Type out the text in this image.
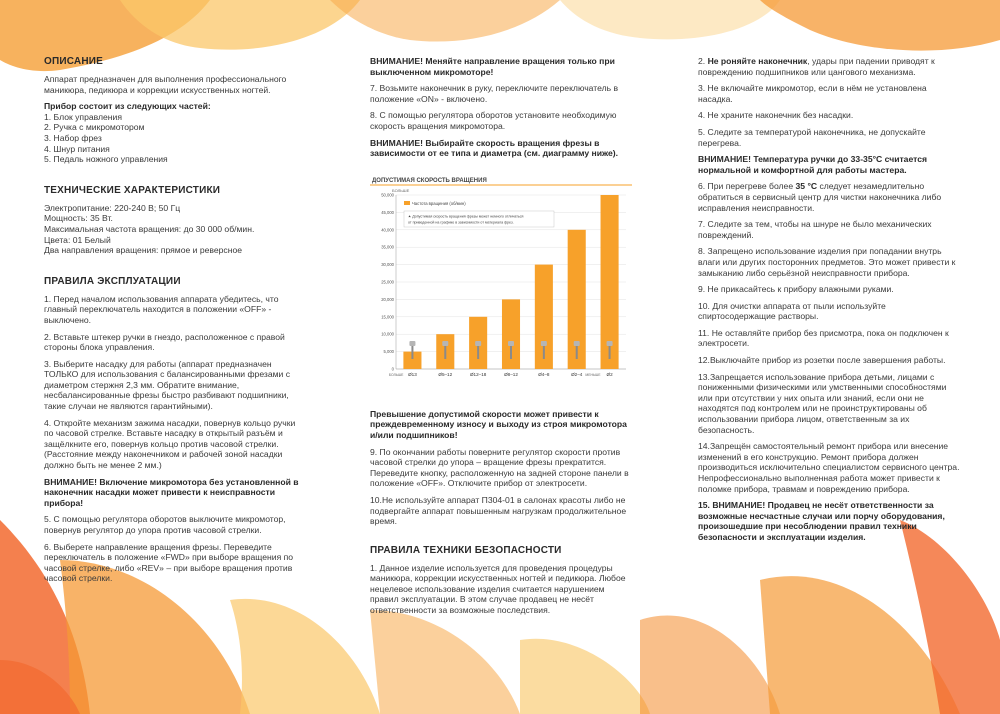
ОПИСАНИЕ

Аппарат предназначен для выполнения профессионального маникюра, педикюра и коррекции искусственных ногтей.

Прибор состоит из следующих частей:

1. Блок управления
2. Ручка с микромотором
3. Набор фрез
4. Шнур питания
5. Педаль ножного управления
ТЕХНИЧЕСКИЕ ХАРАКТЕРИСТИКИ
Электропитание: 220-240 В; 50 Гц
Мощность: 35 Вт.
Максимальная частота вращения: до 30 000 об/мин.
Цвета: 01 Белый
Два направления вращения: прямое и реверсное
ПРАВИЛА ЭКСПЛУАТАЦИИ

1. Перед началом использования аппарата убедитесь, что главный переключатель находится в положении «OFF» - выключено.

2. Вставьте штекер ручки в гнездо, расположенное с правой стороны блока управления.

3. Выберите насадку для работы (аппарат предназначен ТОЛЬКО для использования с балансированными фрезами с диаметром стержня 2,3 мм. Обратите внимание, несбалансированные фрезы быстро разбивают подшипники, такие случаи не являются гарантийными).

4. Откройте механизм зажима насадки, повернув кольцо ручки по часовой стрелке. Вставьте насадку в открытый разъём и защёлкните его, повернув кольцо против часовой стрелки. (Расстояние между наконечником и рабочей зоной насадки должно быть не менее 2 мм.)

ВНИМАНИЕ! Включение микромотора без установленной в наконечник насадки может привести к неисправности прибора!

5. С помощью регулятора оборотов выключите микромотор, повернув регулятор до упора против часовой стрелки.

6. Выберете направление вращения фрезы. Переведите переключатель в положение «FWD» при выборе вращения по часовой стрелке, либо «REV» – при выборе вращения против часовой стрелки.

ВНИМАНИЕ! Меняйте направление вращения только при выключенном микромоторе!

7. Возьмите наконечник в руку, переключите переключатель в положение «ON» - включено.

8. С помощью регулятора оборотов установите необходимую скорость вращения микромотора.

ВНИМАНИЕ! Выбирайте скорость вращения фрезы в зависимости от ее типа и диаметра (см. диаграмму ниже).

ДОПУСТИМАЯ СКОРОСТЬ ВРАЩЕНИЯ
БОЛЬШЕ
0
5,000
10,000
15,000
20,000
25,000
30,000
35,000
40,000
45,000
50,000
Ø13
БОЛЬШЕ	Ø5–12	Ø12–18	Ø8–12	Ø4–8	Ø2–4	Ø2
МЕНЬШЕ
Частота вращения (об/мин)
★ Допустимая скорость вращения фрезы может немного отличаться
от приведенной на графике в зависимости от материала фрез.

Превышение допустимой скорости может привести к преждевременному износу и выходу из строя микромотора и/или подшипников!

9. По окончании работы поверните регулятор скорости против часовой стрелки до упора – вращение фрезы прекратится. Переведите кнопку, расположенную на задней стороне панели в положение «OFF». Отключите прибор от электросети.

10.Не используйте аппарат П304-01 в салонах красоты либо не подвергайте аппарат повышенным нагрузкам продолжительное время.

ПРАВИЛА ТЕХНИКИ БЕЗОПАСНОСТИ

1. Данное изделие используется для проведения процедуры маникюра, коррекции искусственных ногтей и педикюра. Любое нецелевое использование изделия считается нарушением правил эксплуатации. В этом случае продавец не несёт ответственности за возможные последствия.

2. Не роняйте наконечник, удары при падении приводят к повреждению подшипников или цангового механизма.

3. Не включайте микромотор, если в нём не установлена насадка.

4. Не храните наконечник без насадки.

5. Следите за температурой наконечника, не допускайте перегрева.

ВНИМАНИЕ! Температура ручки до 33-35°С считается нормальной и комфортной для работы мастера.

6. При перегреве более 35 °С следует незамедлительно обратиться в сервисный центр для чистки наконечника либо исправления неисправности.

7. Следите за тем, чтобы на шнуре не было механических повреждений.

8. Запрещено использование изделия при попадании внутрь влаги или других посторонних предметов. Это может привести к замыканию либо серьёзной неисправности прибора.

9. Не прикасайтесь к прибору влажными руками.

10. Для очистки аппарата от пыли используйте спиртосодержащие растворы.

11. Не оставляйте прибор без присмотра, пока он подключен к электросети.

12.Выключайте прибор из розетки после завершения работы.

13.Запрещается использование прибора детьми, лицами с пониженными физическими или умственными способностями или при отсутствии у них опыта или знаний, если они не находятся под контролем или не проинструктированы об использовании прибора лицом, ответственным за их безопасность.

14.Запрещён самостоятельный ремонт прибора или внесение изменений в его конструкцию. Ремонт прибора должен производиться исключительно специалистом сервисного центра. Непрофессионально выполненная работа может привести к поломке прибора, травмам и повреждению прибора.

15. ВНИМАНИЕ! Продавец не несёт ответственности за возможные несчастные случаи или порчу оборудования, произошедшие при несоблюдении правил техники безопасности и эксплуатации изделия.
